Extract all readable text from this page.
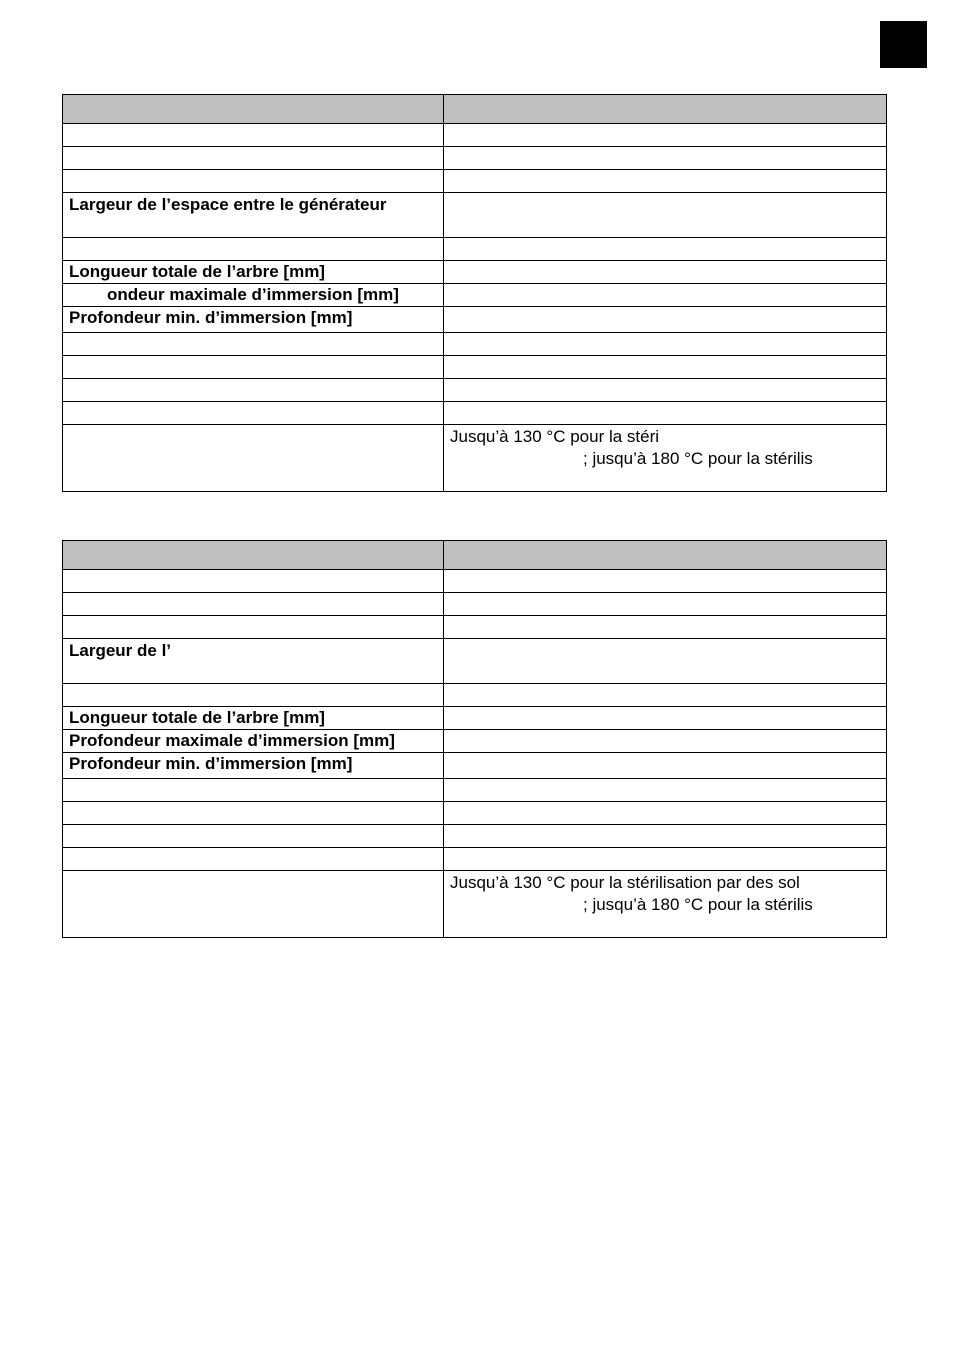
Largeur de l’espace entre le générateur	

Longueur totale de l’arbre [mm]	

ondeur maximale d’immersion [mm]	

Profondeur min. d’immersion [mm]	

	Jusqu’à 130 °C pour la stéri
; jusqu’à 180 °C pour la stérilis

Largeur de l’	

Longueur totale de l’arbre [mm]	
Profondeur maximale d’immersion [mm]	
Profondeur min. d’immersion [mm]	

	Jusqu’à 130 °C pour la stérilisation par des sol
; jusqu’à 180 °C pour la stérilis
